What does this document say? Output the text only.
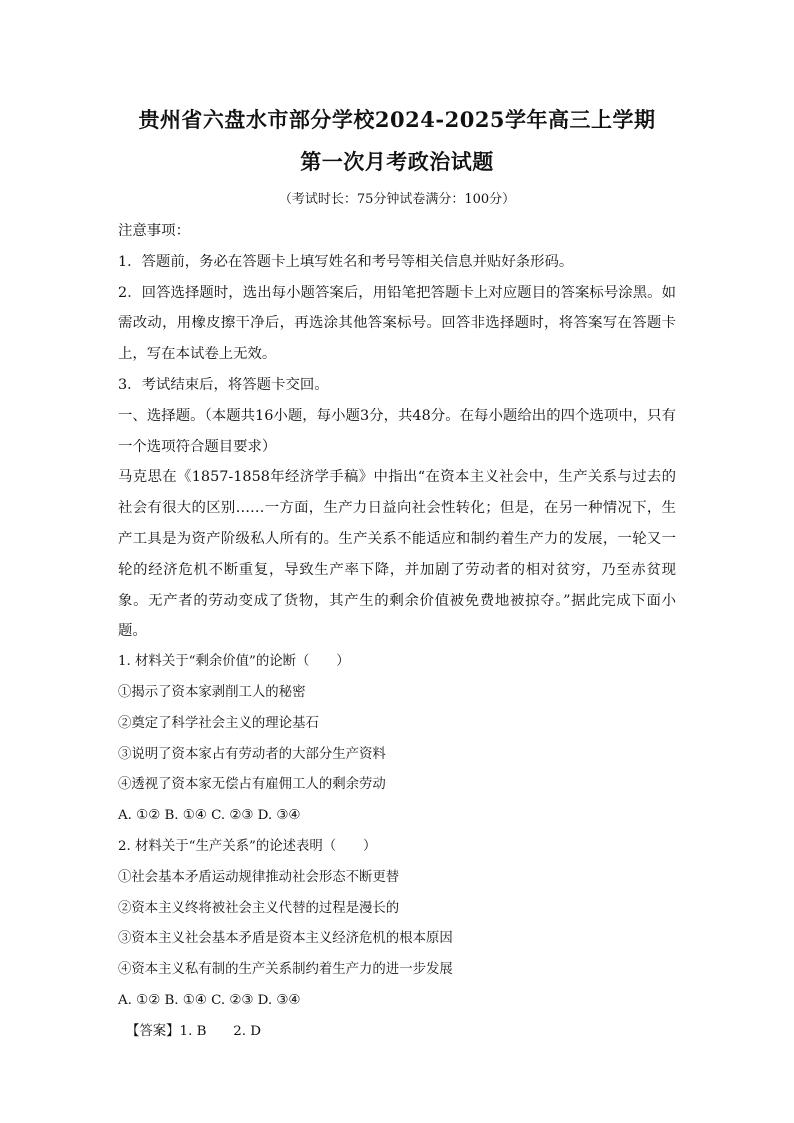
贵州省六盘水市部分学校2024-2025学年高三上学期
第一次月考政治试题
（考试时长：75分钟试卷满分：100分）

注意事项：

1．答题前，务必在答题卡上填写姓名和考号等相关信息并贴好条形码。

2．回答选择题时，选出每小题答案后，用铅笔把答题卡上对应题目的答案标号涂黑。如需改动，用橡皮擦干净后，再选涂其他答案标号。回答非选择题时，将答案写在答题卡上，写在本试卷上无效。

3．考试结束后，将答题卡交回。

一、选择题。（本题共16小题，每小题3分，共48分。在每小题给出的四个选项中，只有一个选项符合题目要求）

马克思在《1857-1858年经济学手稿》中指出“在资本主义社会中，生产关系与过去的社会有很大的区别……一方面，生产力日益向社会性转化；但是，在另一种情况下，生产工具是为资产阶级私人所有的。生产关系不能适应和制约着生产力的发展，一轮又一轮的经济危机不断重复，导致生产率下降，并加剧了劳动者的相对贫穷，乃至赤贫现象。无产者的劳动变成了货物，其产生的剩余价值被免费地被掠夺。”据此完成下面小题。

1. 材料关于“剩余价值”的论断（　　）

①揭示了资本家剥削工人的秘密

②奠定了科学社会主义的理论基石

③说明了资本家占有劳动者的大部分生产资料

④透视了资本家无偿占有雇佣工人的剩余劳动

A. ①② B. ①④ C. ②③ D. ③④

2. 材料关于“生产关系”的论述表明（　　）

①社会基本矛盾运动规律推动社会形态不断更替

②资本主义终将被社会主义代替的过程是漫长的

③资本主义社会基本矛盾是资本主义经济危机的根本原因

④资本主义私有制的生产关系制约着生产力的进一步发展

A. ①② B. ①④ C. ②③ D. ③④

【答案】1. B　　2. D
